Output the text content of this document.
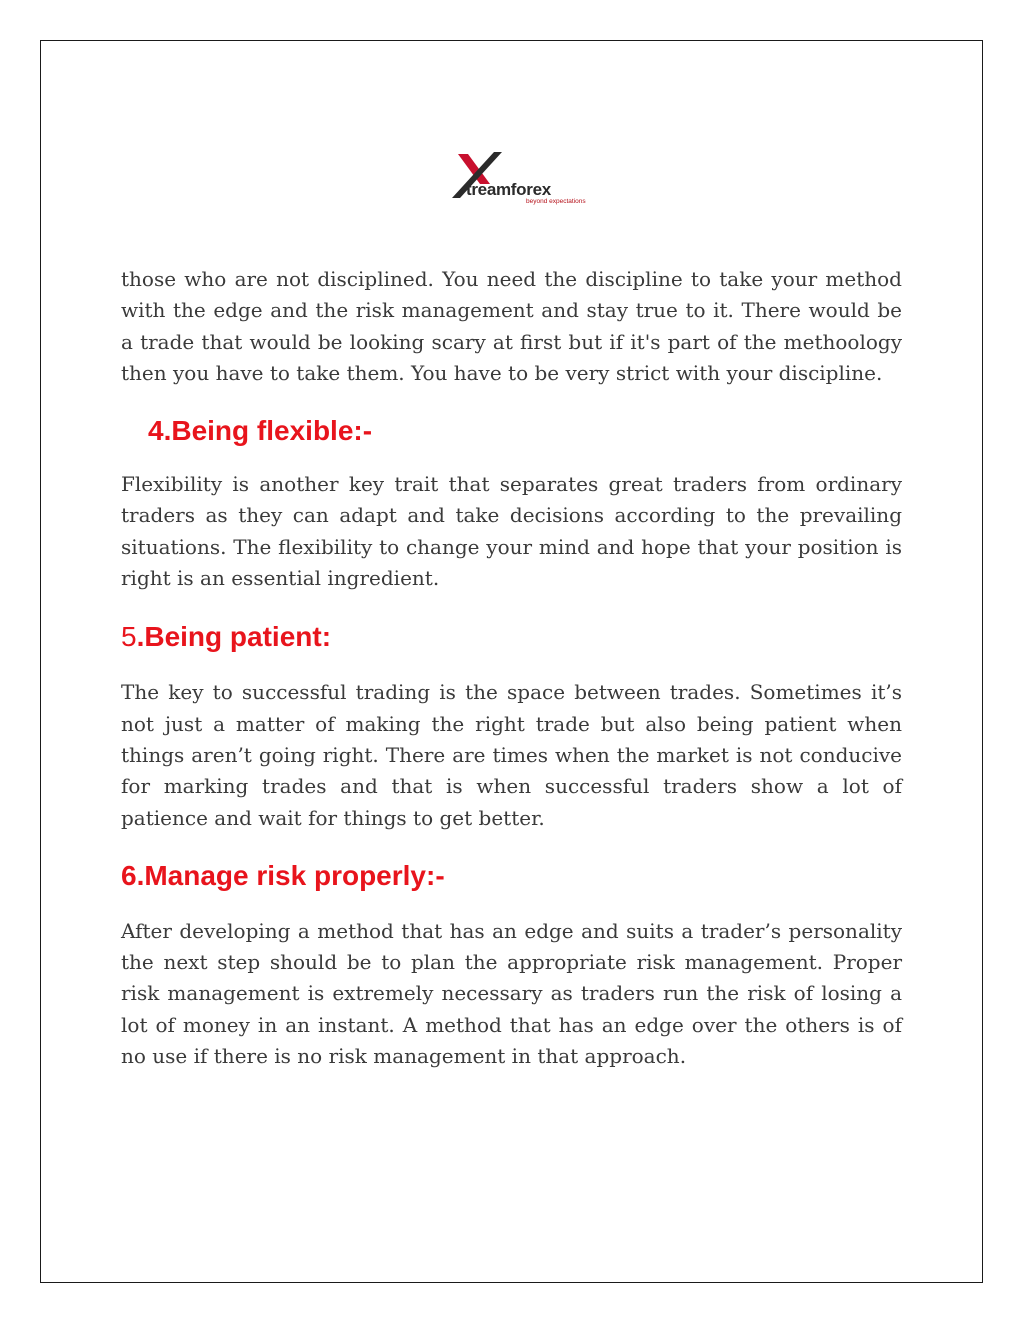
treamforex
beyond expectations

those who are not disciplined. You need the discipline to take your method with the edge and the risk management and stay true to it. There would be a trade that would be looking scary at first but if it's part of the methoology then you have to take them. You have to be very strict with your discipline.

4.Being flexible:-

Flexibility is another key trait that separates great traders from ordinary traders as they can adapt and take decisions according to the prevailing situations. The flexibility to change your mind and hope that your position is right is an essential ingredient.

5.Being patient:

The key to successful trading is the space between trades. Sometimes it’s not just a matter of making the right trade but also being patient when things aren’t going right. There are times when the market is not conducive for marking trades and that is when successful traders show a lot of patience and wait for things to get better.

6.Manage risk properly:-

After developing a method that has an edge and suits a trader’s personality the next step should be to plan the appropriate risk management. Proper risk management is extremely necessary as traders run the risk of losing a lot of money in an instant. A method that has an edge over the others is of no use if there is no risk management in that approach.
